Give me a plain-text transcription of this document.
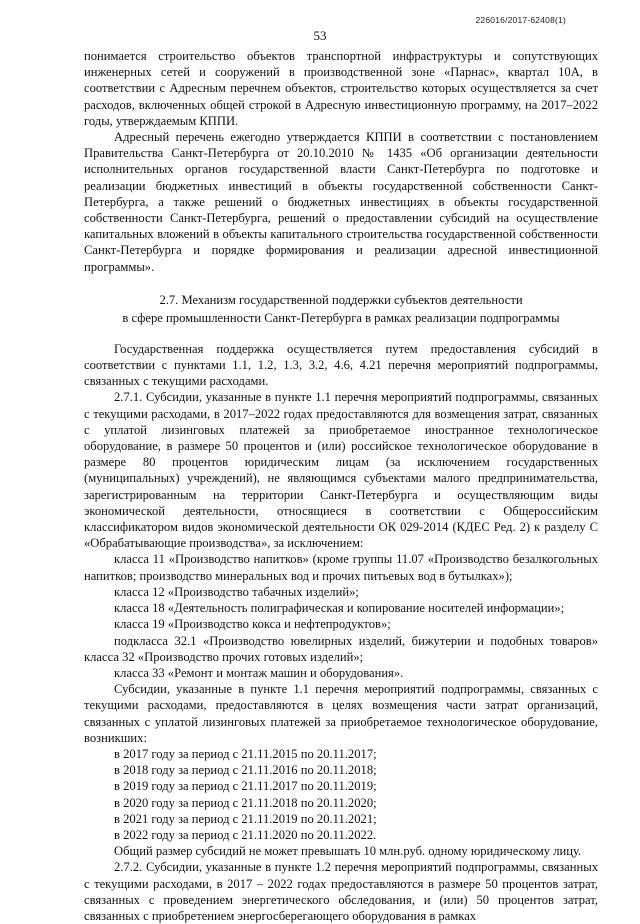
226016/2017-62408(1)
53

понимается строительство объектов транспортной инфраструктуры и сопутствующих инженерных сетей и сооружений в производственной зоне «Парнас», квартал 10А, в соответствии с Адресным перечнем объектов, строительство которых осуществляется за счет расходов, включенных общей строкой в Адресную инвестиционную программу, на 2017–2022 годы, утверждаемым КППИ.

Адресный перечень ежегодно утверждается КППИ в соответствии с постановлением Правительства Санкт-Петербурга от 20.10.2010 № 1435 «Об организации деятельности исполнительных органов государственной власти Санкт-Петербурга по подготовке и реализации бюджетных инвестиций в объекты государственной собственности Санкт-Петербурга, а также решений о бюджетных инвестициях в объекты государственной собственности Санкт-Петербурга, решений о предоставлении субсидий на осуществление капитальных вложений в объекты капитального строительства государственной собственности Санкт-Петербурга и порядке формирования и реализации адресной инвестиционной программы».

2.7. Механизм государственной поддержки субъектов деятельности
в сфере промышленности Санкт-Петербурга в рамках реализации подпрограммы

Государственная поддержка осуществляется путем предоставления субсидий в соответствии с пунктами 1.1, 1.2, 1.3, 3.2, 4.6, 4.21 перечня мероприятий подпрограммы, связанных с текущими расходами.

2.7.1. Субсидии, указанные в пункте 1.1 перечня мероприятий подпрограммы, связанных с текущими расходами, в 2017–2022 годах предоставляются для возмещения затрат, связанных с уплатой лизинговых платежей за приобретаемое иностранное технологическое оборудование, в размере 50 процентов и (или) российское технологическое оборудование в размере 80 процентов юридическим лицам (за исключением государственных (муниципальных) учреждений), не являющимся субъектами малого предпринимательства, зарегистрированным на территории Санкт-Петербурга и осуществляющим виды экономической деятельности, относящиеся в соответствии с Общероссийским классификатором видов экономической деятельности ОК 029-2014 (КДЕС Ред. 2) к разделу С «Обрабатывающие производства», за исключением:

класса 11 «Производство напитков» (кроме группы 11.07 «Производство безалкогольных напитков; производство минеральных вод и прочих питьевых вод в бутылках»);

класса 12 «Производство табачных изделий»;

класса 18 «Деятельность полиграфическая и копирование носителей информации»;

класса 19 «Производство кокса и нефтепродуктов»;

подкласса 32.1 «Производство ювелирных изделий, бижутерии и подобных товаров» класса 32 «Производство прочих готовых изделий»;

класса 33 «Ремонт и монтаж машин и оборудования».

Субсидии, указанные в пункте 1.1 перечня мероприятий подпрограммы, связанных с текущими расходами, предоставляются в целях возмещения части затрат организаций, связанных с уплатой лизинговых платежей за приобретаемое технологическое оборудование, возникших:

в 2017 году за период с 21.11.2015 по 20.11.2017;

в 2018 году за период с 21.11.2016 по 20.11.2018;

в 2019 году за период с 21.11.2017 по 20.11.2019;

в 2020 году за период с 21.11.2018 по 20.11.2020;

в 2021 году за период с 21.11.2019 по 20.11.2021;

в 2022 году за период с 21.11.2020 по 20.11.2022.

Общий размер субсидий не может превышать 10 млн.руб. одному юридическому лицу.

2.7.2. Субсидии, указанные в пункте 1.2 перечня мероприятий подпрограммы, связанных с текущими расходами, в 2017 – 2022 годах предоставляются в размере 50 процентов затрат, связанных с проведением энергетического обследования, и (или) 50 процентов затрат, связанных с приобретением энергосберегающего оборудования в рамках
